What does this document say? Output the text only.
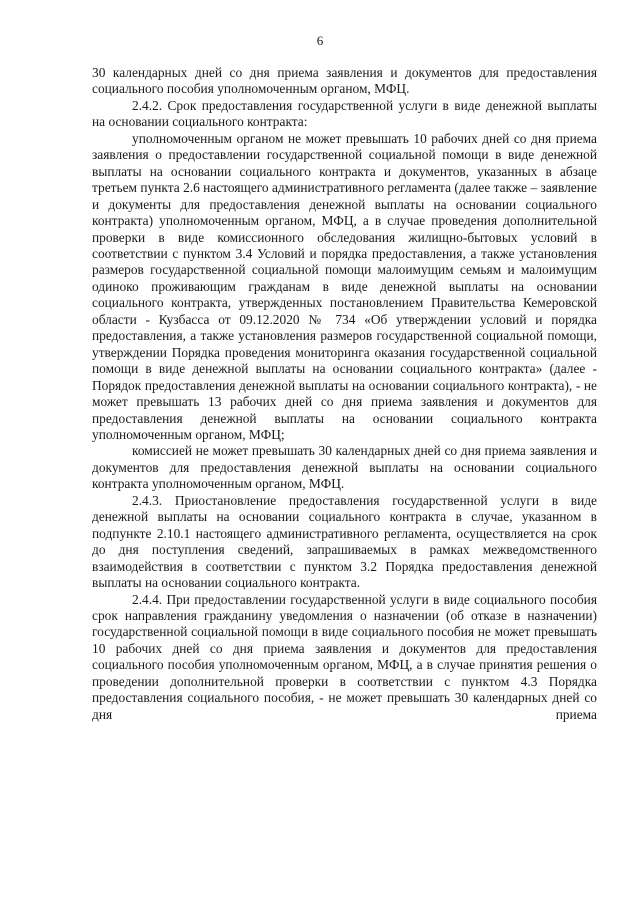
6

30 календарных дней со дня приема заявления и документов для предоставления социального пособия уполномоченным органом, МФЦ.

2.4.2. Срок предоставления государственной услуги в виде денежной выплаты на основании социального контракта:

уполномоченным органом не может превышать 10 рабочих дней со дня приема заявления о предоставлении государственной социальной помощи в виде денежной выплаты на основании социального контракта и документов, указанных в абзаце третьем пункта 2.6 настоящего административного регламента (далее также – заявление и документы для предоставления денежной выплаты на основании социального контракта) уполномоченным органом, МФЦ, а в случае проведения дополнительной проверки в виде комиссионного обследования жилищно-бытовых условий в соответствии с пунктом 3.4 Условий и порядка предоставления, а также установления размеров государственной социальной помощи малоимущим семьям и малоимущим одиноко проживающим гражданам в виде денежной выплаты на основании социального контракта, утвержденных постановлением Правительства Кемеровской области - Кузбасса от 09.12.2020 № 734 «Об утверждении условий и порядка предоставления, а также установления размеров государственной социальной помощи, утверждении Порядка проведения мониторинга оказания государственной социальной помощи в виде денежной выплаты на основании социального контракта» (далее - Порядок предоставления денежной выплаты на основании социального контракта), - не может превышать 13 рабочих дней со дня приема заявления и документов для предоставления денежной выплаты на основании социального контракта уполномоченным органом, МФЦ;

комиссией не может превышать 30 календарных дней со дня приема заявления и документов для предоставления денежной выплаты на основании социального контракта уполномоченным органом, МФЦ.

2.4.3. Приостановление предоставления государственной услуги в виде денежной выплаты на основании социального контракта в случае, указанном в подпункте 2.10.1 настоящего административного регламента, осуществляется на срок до дня поступления сведений, запрашиваемых в рамках межведомственного взаимодействия в соответствии с пунктом 3.2 Порядка предоставления денежной выплаты на основании социального контракта.

2.4.4. При предоставлении государственной услуги в виде социального пособия срок направления гражданину уведомления о назначении (об отказе в назначении) государственной социальной помощи в виде социального пособия не может превышать 10 рабочих дней со дня приема заявления и документов для предоставления социального пособия уполномоченным органом, МФЦ, а в случае принятия решения о проведении дополнительной проверки в соответствии с пунктом 4.3 Порядка предоставления социального пособия, - не может превышать 30 календарных дней со дня приема
